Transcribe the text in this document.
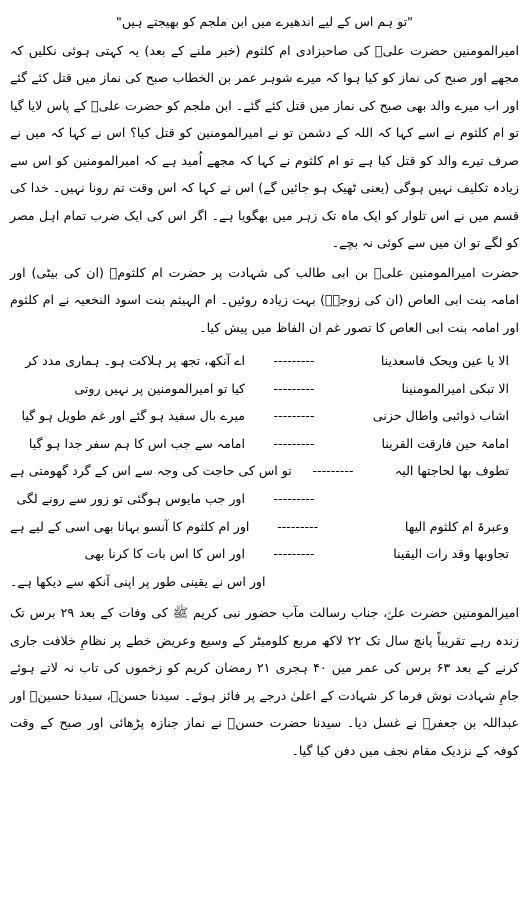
"تو ہم اس کے لیے اندھیرے میں ابن ملجم کو بھیجتے ہیں"

امیرالمومنین حضرت علیؑ کی صاحبزادی ام کلثوم (خبر ملنے کے بعد) یہ کہتی ہوئی نکلیں کہ مجھے اور صبح کی نماز کو کیا ہوا کہ میرے شوہر عمر بن الخطاب صبح کی نماز میں قتل کئے گئے اور اب میرے والد بھی صبح کی نماز میں قتل کئے گئے۔ ابن ملجم کو حضرت علیؑ کے پاس لایا گیا تو ام کلثوم نے اسے کہا کہ اللہ کے دشمن تو نے امیرالمومنین کو قتل کیا؟ اس نے کہا کہ میں نے صرف تیرے والد کو قتل کیا ہے تو ام کلثوم نے کہا کہ مجھے اُمید ہے کہ امیرالمومنین کو اس سے زیادہ تکلیف نہیں ہوگی (یعنی ٹھیک ہو جائیں گے) اس نے کہا کہ اس وقت تم رونا نہیں۔ خدا کی قسم میں نے اس تلوار کو ایک ماہ تک زہر میں بھگویا ہے۔ اگر اس کی ایک ضرب تمام اہل مصر کو لگے تو ان میں سے کوئی نہ بچے۔

حضرت امیرالمومنین علیؑ بن ابی طالب کی شہادت پر حضرت ام کلثومؑ (ان کی بیٹی) اور امامہ بنت ابی العاص (ان کی زوجہؓ) بہت زیادہ روئیں۔ ام الہیثم بنت اسود النخعیہ نے ام کلثوم اور امامہ بنت ابی العاص کا تصور غم ان الفاظ میں پیش کیا۔

الا یا عین ویحک فاسعدینا
---------
اے آنکھ، تجھ پر ہلاکت ہو۔ ہماری مدد کر
الا تبکی امیرالمومنینا
---------
کیا تو امیرالمومنین پر نہیں روتی
اشاب ذوائبی واطال حزنی
---------
میرے بال سفید ہو گئے اور غم طویل ہو گیا
امامۃ حین فارقت القرینا
---------
امامہ سے جب اس کا ہم سفر جدا ہو گیا
تطوف بھا لحاجتھا الیہ
---------
تو اس کی حاجت کی وجہ سے اس کے گرد گھومتی ہے
---------
اور جب مایوس ہوگئی تو زور سے رونے لگی
وعبرۃ ام کلثوم الیھا
---------
اور ام کلثوم کا آنسو بہانا بھی اسی کے لیے ہے
تجاوبھا وقد رات الیقینا
---------
اور اس کا اس بات کا کرنا بھی
اور اس نے یقینی طور پر اپنی آنکھ سے دیکھا ہے۔

امیرالمومنین حضرت علیؑ، جناب رسالت مآب حضور نبی کریم ﷺ کی وفات کے بعد ۲۹ برس تک زندہ رہے تقریباً پانچ سال تک ۲۲ لاکھ مربع کلومیٹر کے وسیع وعریض خطے پر نظامِ خلافت جاری کرنے کے بعد ۶۳ برس کی عمر میں ۴۰ ہجری ۲۱ رمضان کریم کو زخموں کی تاب نہ لاتے ہوئے جامِ شہادت نوش فرما کر شہادت کے اعلیٰ درجے پر فائز ہوئے۔ سیدنا حسنؓ، سیدنا حسینؓ اور عبداللہ بن جعفرؓ نے غسل دیا۔ سیدنا حضرت حسنؓ نے نماز جنازہ پڑھائی اور صبح کے وقت کوفہ کے نزدیک مقام نجف میں دفن کیا گیا۔
